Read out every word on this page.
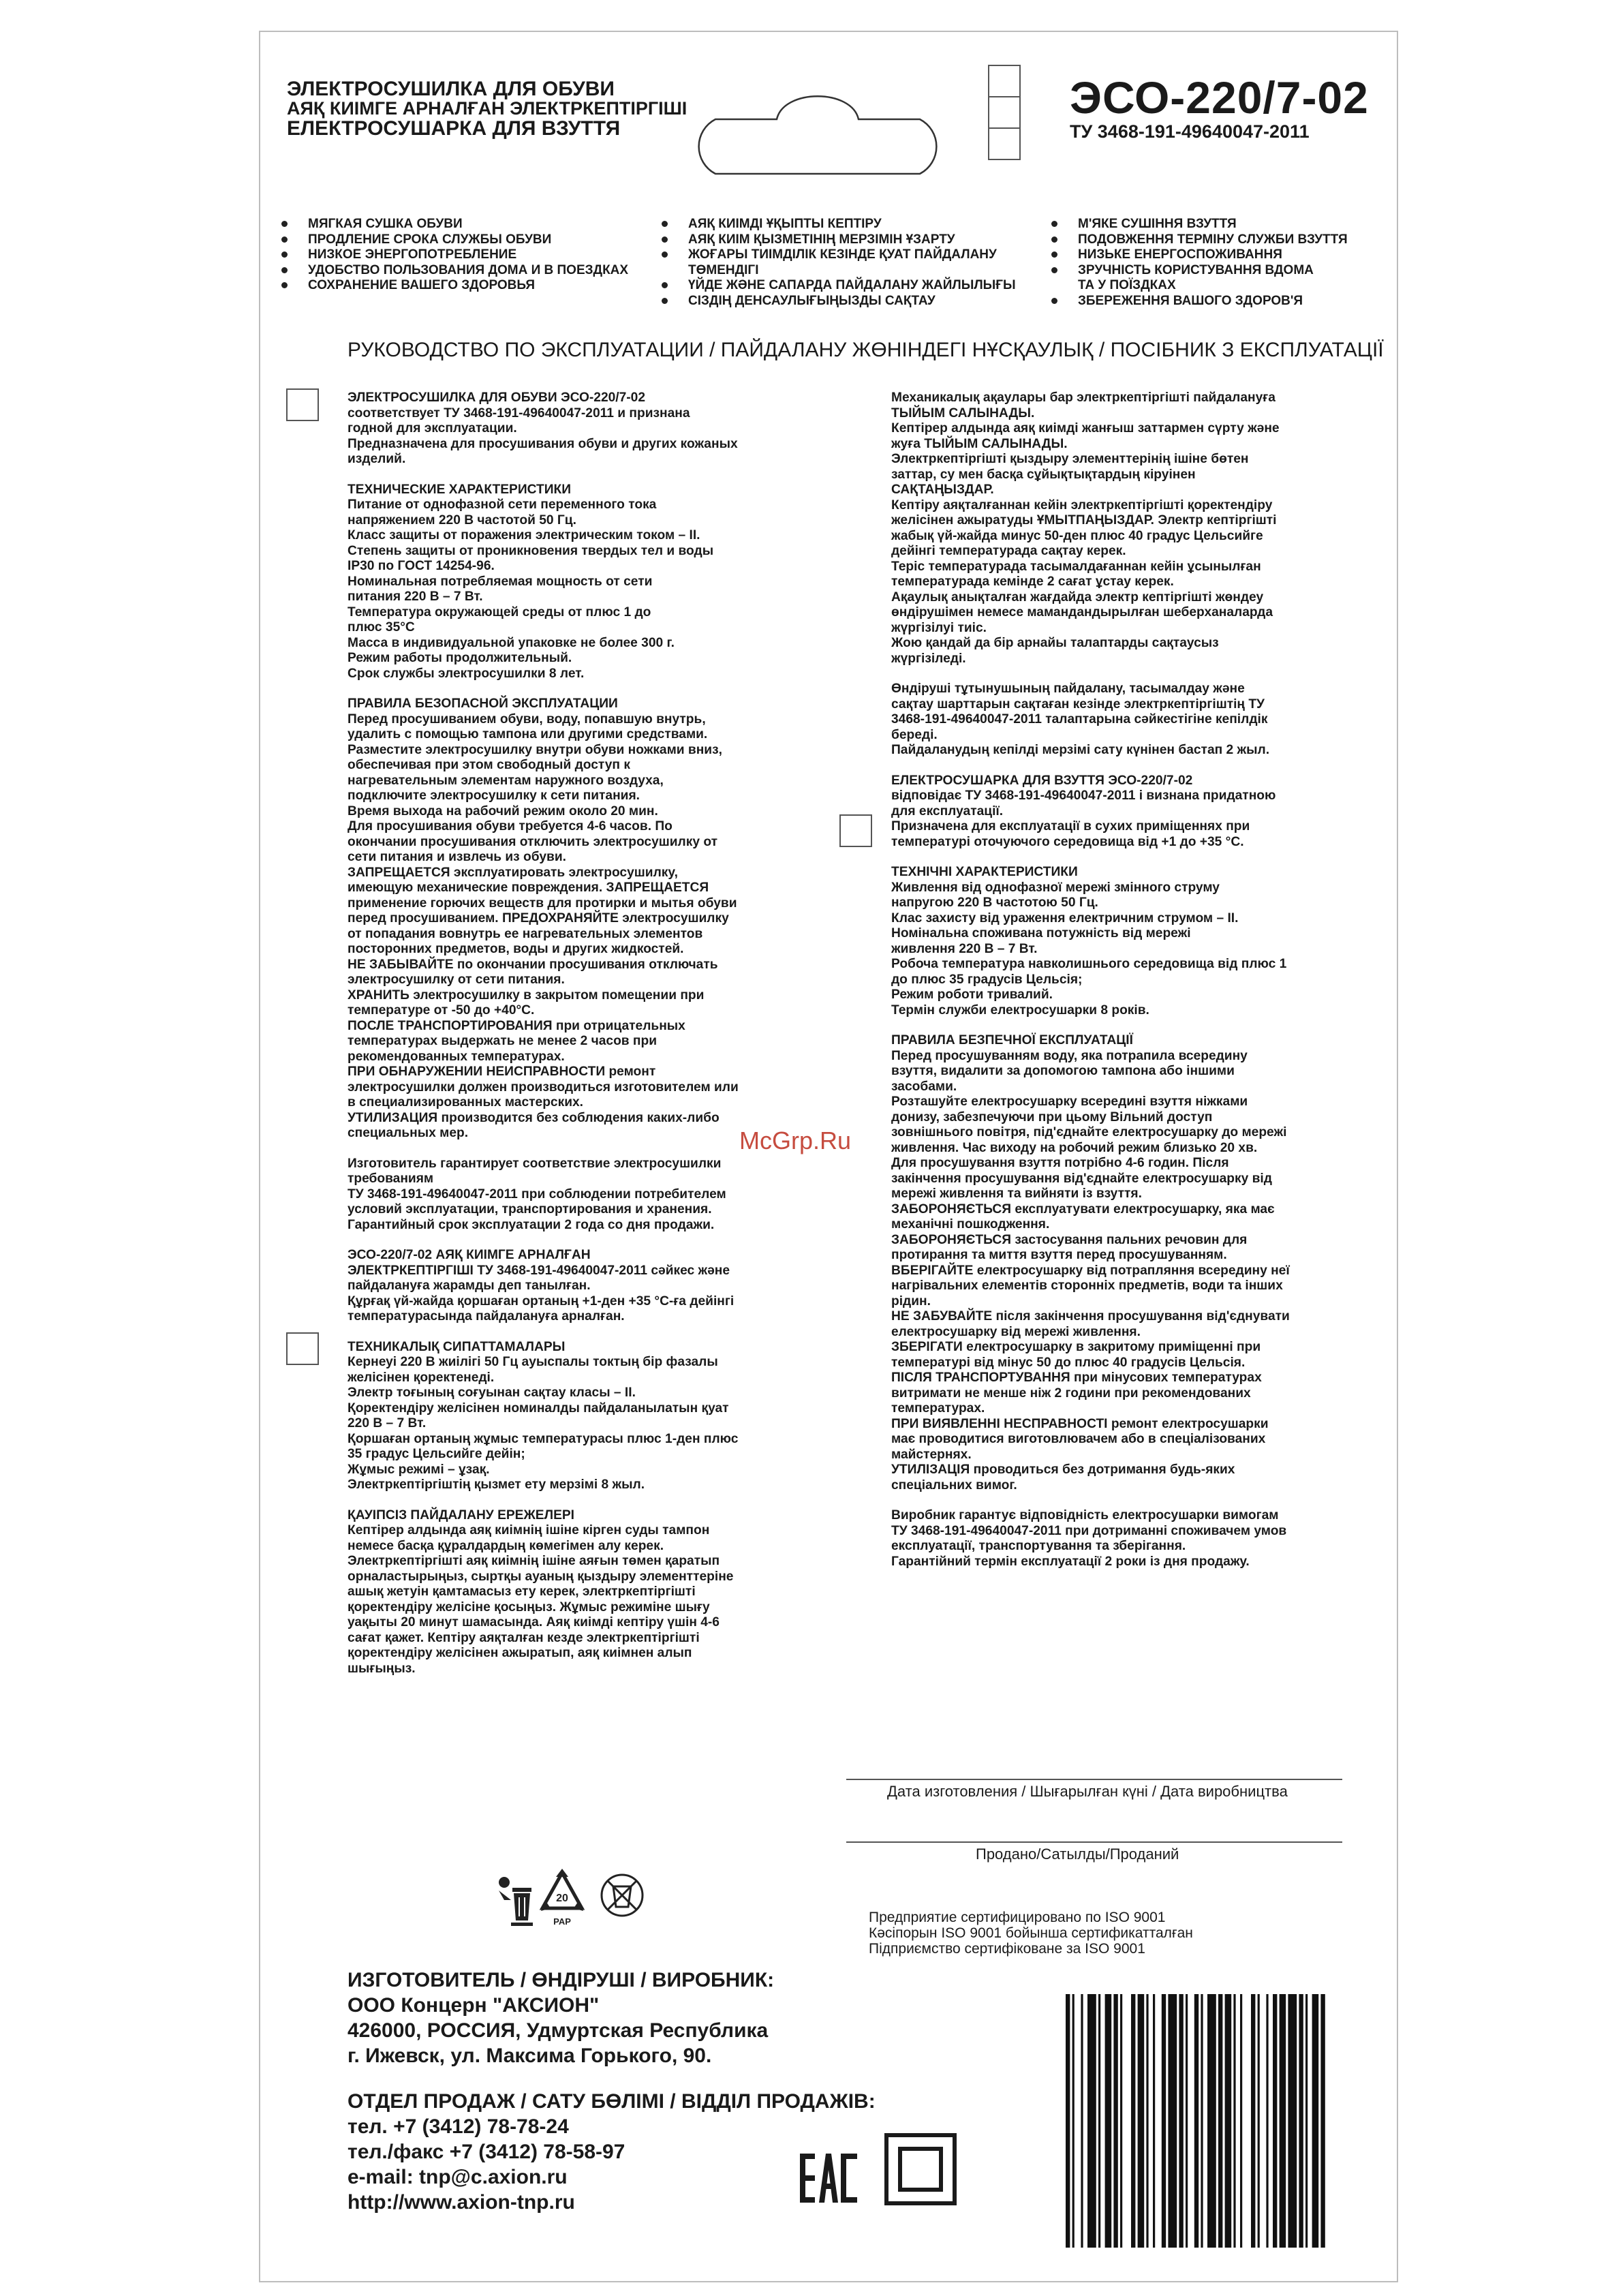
ЭЛЕКТРОСУШИЛКА ДЛЯ ОБУВИ
АЯҚ КИІМГЕ АРНАЛҒАН ЭЛЕКТРКЕПТІРГІШІ
ЕЛЕКТРОСУШАРКА ДЛЯ ВЗУТТЯ
ЭСО-220/7-02
ТУ 3468-191-49640047-2011
МЯГКАЯ СУШКА ОБУВИ
ПРОДЛЕНИЕ СРОКА СЛУЖБЫ ОБУВИ
НИЗКОЕ ЭНЕРГОПОТРЕБЛЕНИЕ
УДОБСТВО ПОЛЬЗОВАНИЯ ДОМА И В ПОЕЗДКАХ
СОХРАНЕНИЕ ВАШЕГО ЗДОРОВЬЯ
АЯҚ КИІМДІ ҰҚЫПТЫ КЕПТІРУ
АЯҚ КИІМ ҚЫЗМЕТІНІҢ МЕРЗІМІН ҰЗАРТУ
ЖОҒАРЫ ТИІМДІЛІК КЕЗІНДЕ ҚУАТ ПАЙДАЛАНУ
ТӨМЕНДІГІ
ҮЙДЕ ЖӘНЕ САПАРДА ПАЙДАЛАНУ ЖАЙЛЫЛЫҒЫ
СІЗДІҢ ДЕНСАУЛЫҒЫҢЫЗДЫ САҚТАУ
М'ЯКЕ СУШІННЯ ВЗУТТЯ
ПОДОВЖЕННЯ ТЕРМІНУ СЛУЖБИ ВЗУТТЯ
НИЗЬКЕ ЕНЕРГОСПОЖИВАННЯ
ЗРУЧНІСТЬ КОРИСТУВАННЯ ВДОМА
ТА У ПОЇЗДКАХ
ЗБЕРЕЖЕННЯ ВАШОГО ЗДОРОВ'Я
РУКОВОДСТВО ПО ЭКСПЛУАТАЦИИ / ПАЙДАЛАНУ ЖӨНІНДЕГІ НҰСҚАУЛЫҚ / ПОСІБНИК З ЕКСПЛУАТАЦІЇ

ЭЛЕКТРОСУШИЛКА ДЛЯ ОБУВИ ЭСО-220/7-02

соответствует ТУ 3468-191-49640047-2011 и признана

годной для эксплуатации.

Предназначена для просушивания обуви и других кожаных

изделий.

ТЕХНИЧЕСКИЕ ХАРАКТЕРИСТИКИ

Питание от однофазной сети переменного тока

напряжением 220 В частотой 50 Гц.

Класс защиты от поражения электрическим током – II.

Степень защиты от проникновения твердых тел и воды

IP30 по ГОСТ 14254-96.

Номинальная потребляемая мощность от сети

питания 220 В – 7 Вт.

Температура окружающей среды от плюс 1 до

плюс 35°С

Масса в индивидуальной упаковке не более 300 г.

Режим работы продолжительный.

Срок службы электросушилки 8 лет.

ПРАВИЛА БЕЗОПАСНОЙ ЭКСПЛУАТАЦИИ

Перед просушиванием обуви, воду, попавшую внутрь,

удалить с помощью тампона или другими средствами.

Разместите электросушилку внутри обуви ножками вниз,

обеспечивая при этом свободный доступ к

нагревательным элементам наружного воздуха,

подключите электросушилку к сети питания.

Время выхода на рабочий режим около 20 мин.

Для просушивания обуви требуется 4-6 часов. По

окончании просушивания отключить электросушилку от

сети питания и извлечь из обуви.

ЗАПРЕЩАЕТСЯ эксплуатировать электросушилку,

имеющую механические повреждения. ЗАПРЕЩАЕТСЯ

применение горючих веществ для протирки и мытья обуви

перед просушиванием. ПРЕДОХРАНЯЙТЕ электросушилку

от попадания вовнутрь ее нагревательных элементов

посторонних предметов, воды и других жидкостей.

НЕ ЗАБЫВАЙТЕ по окончании просушивания отключать

электросушилку от сети питания.

ХРАНИТЬ электросушилку в закрытом помещении при

температуре от -50 до +40°С.

ПОСЛЕ ТРАНСПОРТИРОВАНИЯ при отрицательных

температурах выдержать не менее 2 часов при

рекомендованных температурах.

ПРИ ОБНАРУЖЕНИИ НЕИСПРАВНОСТИ ремонт

электросушилки должен производиться изготовителем или

в специализированных мастерских.

УТИЛИЗАЦИЯ производится без соблюдения каких-либо

специальных мер.

Изготовитель гарантирует соответствие электросушилки

требованиям

ТУ 3468-191-49640047-2011 при соблюдении потребителем

условий эксплуатации, транспортирования и хранения.

Гарантийный срок эксплуатации 2 года со дня продажи.

ЭСО-220/7-02 АЯҚ КИІМГЕ АРНАЛҒАН

ЭЛЕКТРКЕПТІРГІШІ ТУ 3468-191-49640047-2011 сәйкес және

пайдалануға жарамды деп танылған.

Құрғақ үй-жайда қоршаған ортаның +1-ден +35 °С-ға дейінгі

температурасында пайдалануға арналған.

ТЕХНИКАЛЫҚ СИПАТТАМАЛАРЫ

Кернеуі 220 В жиілігі 50 Гц ауыспалы токтың бір фазалы

желісінен қоректенеді.

Электр тоғының соғуынан сақтау класы – II.

Қоректендіру желісінен номиналды пайдаланылатын қуат

220 В – 7 Вт.

Қоршаған ортаның жұмыс температурасы плюс 1-ден плюс

35 градус Цельсийге дейін;

Жұмыс режимі – ұзақ.

Электркептіргіштің қызмет ету мерзімі 8 жыл.

ҚАУІПСІЗ ПАЙДАЛАНУ ЕРЕЖЕЛЕРІ

Кептірер алдында аяқ киімнің ішіне кірген суды тампон

немесе басқа құралдардың көмегімен алу керек.

Электркептіргішті аяқ киімнің ішіне аяғын төмен қаратып

орналастырыңыз, сыртқы ауаның қыздыру элементтеріне

ашық жетуін қамтамасыз ету керек, электркептіргішті

қоректендіру желісіне қосыңыз. Жұмыс режиміне шығу

уақыты 20 минут шамасында. Аяқ киімді кептіру үшін 4-6

сағат қажет. Кептіру аяқталған кезде электркептіргішті

қоректендіру желісінен ажыратып, аяқ киімнен алып

шығыңыз.

Механикалық ақаулары бар электркептіргішті пайдалануға

ТЫЙЫМ САЛЫНАДЫ.

Кептірер алдында аяқ киімді жанғыш заттармен сүрту және

жуға ТЫЙЫМ САЛЫНАДЫ.

Электркептіргішті қыздыру элементтерінің ішіне бөтен

заттар, су мен басқа сұйықтықтардың кіруінен

САҚТАҢЫЗДАР.

Кептіру аяқталғаннан кейін электркептіргішті қоректендіру

желісінен ажыратуды ҰМЫТПАҢЫЗДАР. Электр кептіргішті

жабық үй-жайда минус 50-ден плюс 40 градус Цельсийге

дейінгі температурада сақтау керек.

Теріс температурада тасымалдағаннан кейін ұсынылған

температурада кемінде 2 сағат ұстау керек.

Ақаулық анықталған жағдайда электр кептіргішті жөндеу

өндірушімен немесе мамандандырылған шеберханаларда

жүргізілуі тиіс.

Жою қандай да бір арнайы талаптарды сақтаусыз

жүргізіледі.

Өндіруші тұтынушының пайдалану, тасымалдау және

сақтау шарттарын сақтаған кезінде электркептіргіштің ТУ

3468-191-49640047-2011 талаптарына сәйкестігіне кепілдік

береді.

Пайдаланудың кепілді мерзімі сату күнінен бастап 2 жыл.

ЕЛЕКТРОСУШАРКА ДЛЯ ВЗУТТЯ ЭСО-220/7-02

відповідає ТУ 3468-191-49640047-2011 і визнана придатною

для експлуатації.

Призначена для експлуатації в сухих приміщеннях при

температурі оточуючого середовища від +1 до +35 °С.

ТЕХНІЧНІ ХАРАКТЕРИСТИКИ

Живлення від однофазної мережі змінного струму

напругою 220 В частотою 50 Гц.

Клас захисту від ураження електричним струмом – II.

Номінальна споживана потужність від мережі

живлення 220 В – 7 Вт.

Робоча температура навколишнього середовища від плюс 1

до плюс 35 градусів Цельсія;

Режим роботи тривалий.

Термін служби електросушарки 8 років.

ПРАВИЛА БЕЗПЕЧНОЇ ЕКСПЛУАТАЦІЇ

Перед просушуванням воду, яка потрапила всередину

взуття, видалити за допомогою тампона або іншими

засобами.

Розташуйте електросушарку всередині взуття ніжками

донизу, забезпечуючи при цьому Вільний доступ

зовнішнього повітря, під'єднайте електросушарку до мережі

живлення. Час виходу на робочий режим близько 20 хв.

Для просушування взуття потрібно 4-6 годин. Після

закінчення просушування від'єднайте електросушарку від

мережі живлення та вийняти із взуття.

ЗАБОРОНЯЄТЬСЯ експлуатувати електросушарку, яка має

механічні пошкодження.

ЗАБОРОНЯЄТЬСЯ застосування пальних речовин для

протирання та миття взуття перед просушуванням.

ВБЕРІГАЙТЕ електросушарку від потрапляння всередину неї

нагрівальних елементів сторонніх предметів, води та інших

рідин.

НЕ ЗАБУВАЙТЕ після закінчення просушування від'єднувати

електросушарку від мережі живлення.

ЗБЕРІГАТИ електросушарку в закритому приміщенні при

температурі від мінус 50 до плюс 40 градусів Цельсія.

ПІСЛЯ ТРАНСПОРТУВАННЯ при мінусових температурах

витримати не менше ніж 2 години при рекомендованих

температурах.

ПРИ ВИЯВЛЕННІ НЕСПРАВНОСТІ ремонт електросушарки

має проводитися виготовлювачем або в спеціалізованих

майстернях.

УТИЛІЗАЦІЯ проводиться без дотримання будь-яких

спеціальних вимог.

Виробник гарантує відповідність електросушарки вимогам

ТУ 3468-191-49640047-2011 при дотриманні споживачем умов

експлуатації, транспортування та зберігання.

Гарантійний термін експлуатації 2 роки із дня продажу.

McGrp.Ru
Дата изготовления / Шығарылған күні / Дата виробництва
Продано/Сатылды/Проданий
20
PAP	Предприятие сертифицировано по ISO 9001
Кәсіпорын ISO 9001 бойынша сертификатталған
Підприємство сертифіковане за ISO 9001
ИЗГОТОВИТЕЛЬ / ӨНДІРУШІ / ВИРОБНИК:
ООО Концерн "АКСИОН"
426000, РОССИЯ, Удмуртская Республика
г. Ижевск, ул. Максима Горького, 90.
ОТДЕЛ ПРОДАЖ / САТУ БӨЛІМІ / ВІДДІЛ ПРОДАЖІВ:
тел. +7 (3412) 78-78-24
тел./факс +7 (3412) 78-58-97
e-mail: tnp@c.axion.ru
http://www.axion-tnp.ru
